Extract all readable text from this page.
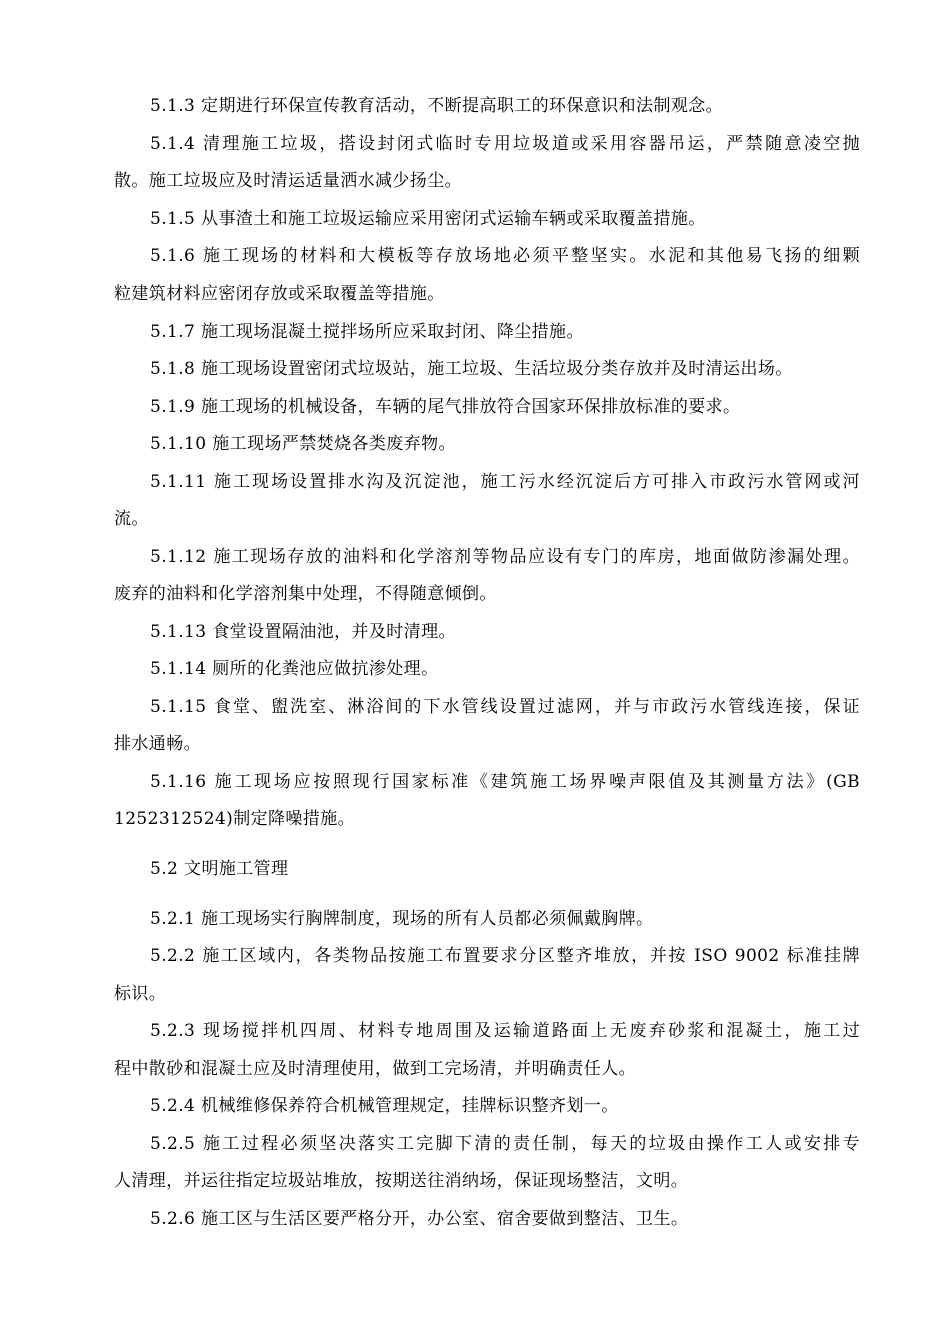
5.1.3 定期进行环保宣传教育活动，不断提高职工的环保意识和法制观念。
5.1.4 清理施工垃圾，搭设封闭式临时专用垃圾道或采用容器吊运，严禁随意凌空抛
散。施工垃圾应及时清运适量洒水减少扬尘。
5.1.5 从事渣土和施工垃圾运输应采用密闭式运输车辆或采取覆盖措施。
5.1.6 施工现场的材料和大模板等存放场地必须平整坚实。水泥和其他易飞扬的细颗
粒建筑材料应密闭存放或采取覆盖等措施。
5.1.7 施工现场混凝土搅拌场所应采取封闭、降尘措施。
5.1.8 施工现场设置密闭式垃圾站，施工垃圾、生活垃圾分类存放并及时清运出场。
5.1.9 施工现场的机械设备，车辆的尾气排放符合国家环保排放标准的要求。
5.1.10 施工现场严禁焚烧各类废弃物。
5.1.11 施工现场设置排水沟及沉淀池，施工污水经沉淀后方可排入市政污水管网或河
流。
5.1.12 施工现场存放的油料和化学溶剂等物品应设有专门的库房，地面做防渗漏处理。
废弃的油料和化学溶剂集中处理，不得随意倾倒。
5.1.13 食堂设置隔油池，并及时清理。
5.1.14 厕所的化粪池应做抗渗处理。
5.1.15 食堂、盥洗室、淋浴间的下水管线设置过滤网，并与市政污水管线连接，保证
排水通畅。
5.1.16 施工现场应按照现行国家标准《建筑施工场界噪声限值及其测量方法》(GB
1252312524)制定降噪措施。
5.2 文明施工管理
5.2.1 施工现场实行胸牌制度，现场的所有人员都必须佩戴胸牌。
5.2.2 施工区域内，各类物品按施工布置要求分区整齐堆放，并按 ISO 9002 标准挂牌
标识。
5.2.3 现场搅拌机四周、材料专地周围及运输道路面上无废弃砂浆和混凝土，施工过
程中散砂和混凝土应及时清理使用，做到工完场清，并明确责任人。
5.2.4 机械维修保养符合机械管理规定，挂牌标识整齐划一。
5.2.5 施工过程必须坚决落实工完脚下清的责任制，每天的垃圾由操作工人或安排专
人清理，并运往指定垃圾站堆放，按期送往消纳场，保证现场整洁，文明。
5.2.6 施工区与生活区要严格分开，办公室、宿舍要做到整洁、卫生。
